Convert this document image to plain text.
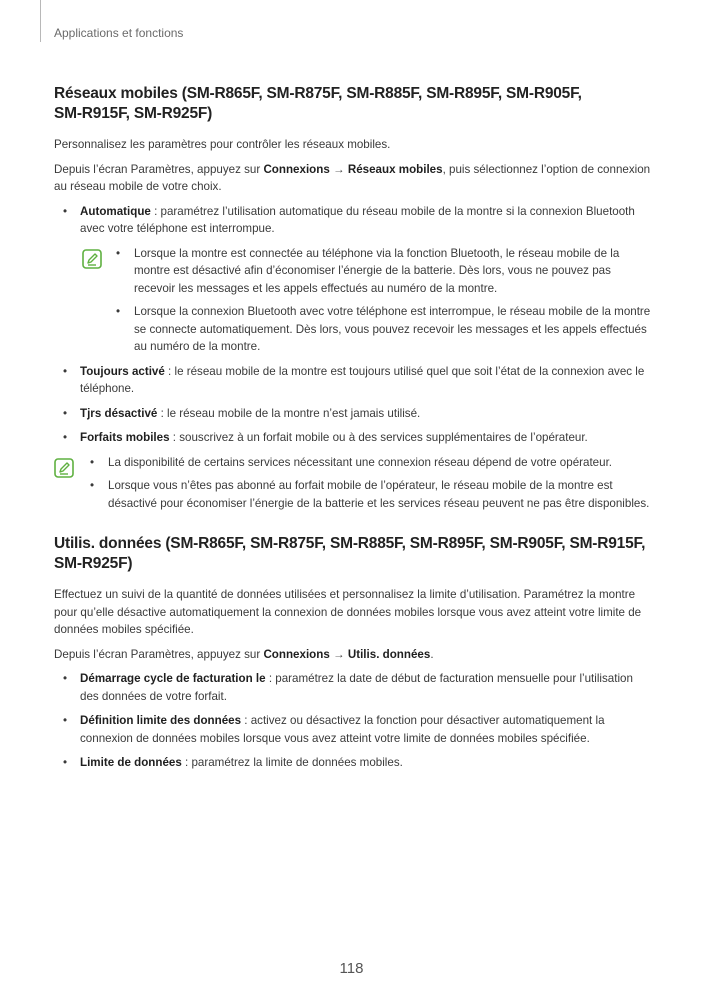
Applications et fonctions
Réseaux mobiles (SM-R865F, SM-R875F, SM-R885F, SM-R895F, SM-R905F,
SM-R915F, SM-R925F)

Personnalisez les paramètres pour contrôler les réseaux mobiles.

Depuis l’écran Paramètres, appuyez sur Connexions → Réseaux mobiles, puis sélectionnez l’option de connexion au réseau mobile de votre choix.

• Automatique : paramétrez l’utilisation automatique du réseau mobile de la montre si la connexion Bluetooth avec votre téléphone est interrompue.
• Lorsque la montre est connectée au téléphone via la fonction Bluetooth, le réseau mobile de la montre est désactivé afin d’économiser l’énergie de la batterie. Dès lors, vous ne pouvez pas recevoir les messages et les appels effectués au numéro de la montre.
• Lorsque la connexion Bluetooth avec votre téléphone est interrompue, le réseau mobile de la montre se connecte automatiquement. Dès lors, vous pouvez recevoir les messages et les appels effectués au numéro de la montre.
• Toujours activé : le réseau mobile de la montre est toujours utilisé quel que soit l’état de la connexion avec le téléphone.
• Tjrs désactivé : le réseau mobile de la montre n’est jamais utilisé.
• Forfaits mobiles : souscrivez à un forfait mobile ou à des services supplémentaires de l’opérateur.
• La disponibilité de certains services nécessitant une connexion réseau dépend de votre opérateur.
• Lorsque vous n’êtes pas abonné au forfait mobile de l’opérateur, le réseau mobile de la montre est désactivé pour économiser l’énergie de la batterie et les services réseau peuvent ne pas être disponibles.
Utilis. données (SM-R865F, SM-R875F, SM-R885F, SM-R895F, SM-R905F, SM-R915F,
SM-R925F)

Effectuez un suivi de la quantité de données utilisées et personnalisez la limite d’utilisation. Paramétrez la montre pour qu’elle désactive automatiquement la connexion de données mobiles lorsque vous avez atteint votre limite de données mobiles spécifiée.

Depuis l’écran Paramètres, appuyez sur Connexions → Utilis. données.

• Démarrage cycle de facturation le : paramétrez la date de début de facturation mensuelle pour l’utilisation des données de votre forfait.
• Définition limite des données : activez ou désactivez la fonction pour désactiver automatiquement la connexion de données mobiles lorsque vous avez atteint votre limite de données mobiles spécifiée.
• Limite de données : paramétrez la limite de données mobiles.
118
